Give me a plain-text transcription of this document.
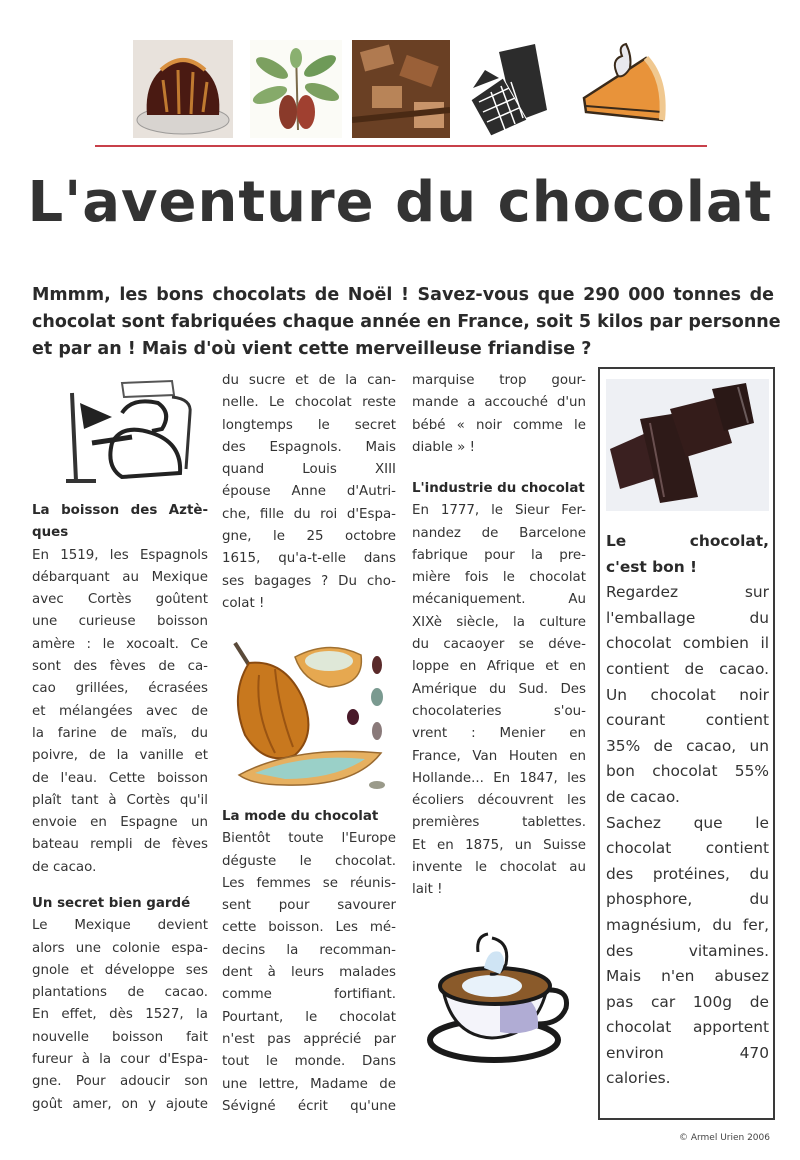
L'aventure du chocolat
Mmmm, les bons chocolats de Noël ! Savez-vous que 290 000 tonnes de
chocolat sont fabriquées chaque année en France, soit 5 kilos par personne
et par an ! Mais d'où vient cette merveilleuse friandise ?
La boisson des Aztè-
ques
En 1519, les Espagnols
débarquant au Mexique
avec Cortès goûtent
une curieuse boisson
amère : le xocoalt. Ce
sont des fèves de ca-
cao grillées, écrasées
et mélangées avec de
la farine de maïs, du
poivre, de la vanille et
de l'eau. Cette boisson
plaît tant à Cortès qu'il
envoie en Espagne un
bateau rempli de fèves
de cacao.
Un secret bien gardé
Le Mexique devient
alors une colonie espa-
gnole et développe ses
plantations de cacao.
En effet, dès 1527, la
nouvelle boisson fait
fureur à la cour d'Espa-
gne. Pour adoucir son
goût amer, on y ajoute
du sucre et de la can-
nelle. Le chocolat reste
longtemps le secret
des Espagnols. Mais
quand Louis XIII
épouse Anne d'Autri-
che, fille du roi d'Espa-
gne, le 25 octobre
1615, qu'a-t-elle dans
ses bagages ? Du cho-
colat !
La mode du chocolat
Bientôt toute l'Europe
déguste le chocolat.
Les femmes se réunis-
sent pour savourer
cette boisson. Les mé-
decins la recomman-
dent à leurs malades
comme fortifiant.
Pourtant, le chocolat
n'est pas apprécié par
tout le monde. Dans
une lettre, Madame de
Sévigné écrit qu'une
marquise trop gour-
mande a accouché d'un
bébé « noir comme le
diable » !
L'industrie du chocolat
En 1777, le Sieur Fer-
nandez de Barcelone
fabrique pour la pre-
mière fois le chocolat
mécaniquement. Au
XIXè siècle, la culture
du cacaoyer se déve-
loppe en Afrique et en
Amérique du Sud. Des
chocolateries s'ou-
vrent : Menier en
France, Van Houten en
Hollande... En 1847, les
écoliers découvrent les
premières tablettes.
Et en 1875, un Suisse
invente le chocolat au
lait !
Le chocolat,
c'est bon !
Regardez sur
l'emballage du
chocolat combien il
contient de cacao.
Un chocolat noir
courant contient
35% de cacao, un
bon chocolat 55%
de cacao.
Sachez que le
chocolat contient
des protéines, du
phosphore, du
magnésium, du fer,
des vitamines.
Mais n'en abusez
pas car 100g de
chocolat apportent
environ 470
calories.
© Armel Urien 2006
